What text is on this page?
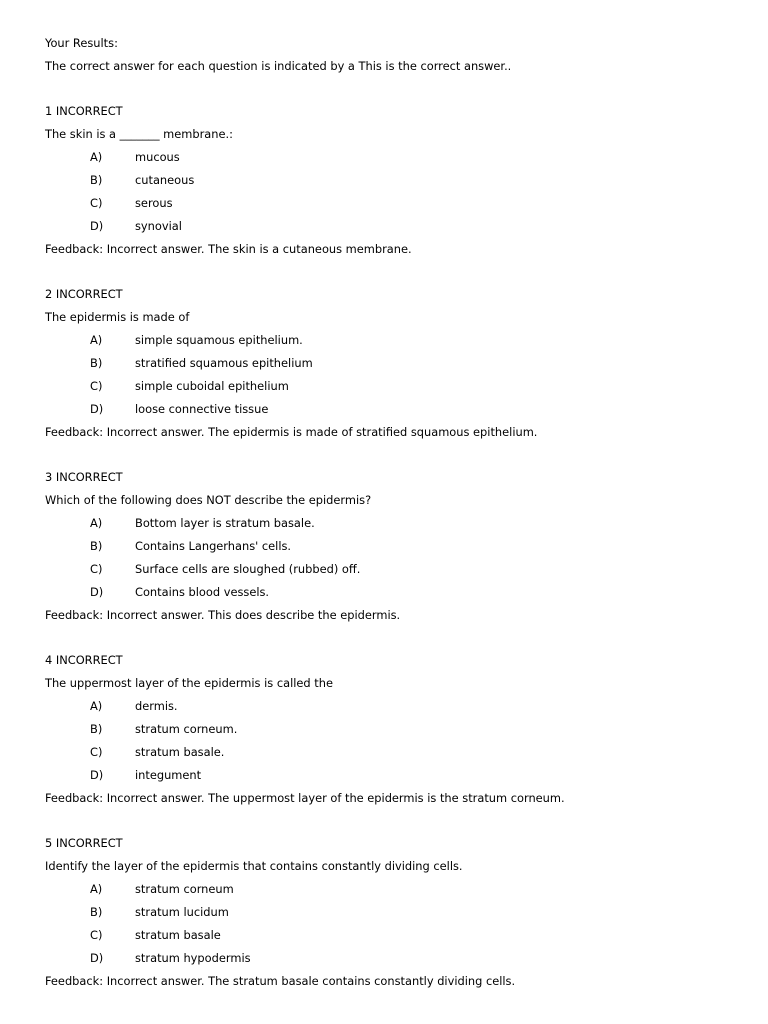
Your Results:
The correct answer for each question is indicated by a This is the correct answer..
1 INCORRECT
The skin is a _______ membrane.:
A)	mucous
B)	cutaneous
C)	serous
D)	synovial
Feedback: Incorrect answer. The skin is a cutaneous membrane.
2 INCORRECT
The epidermis is made of
A)	simple squamous epithelium.
B)	stratified squamous epithelium
C)	simple cuboidal epithelium
D)	loose connective tissue
Feedback: Incorrect answer. The epidermis is made of stratified squamous epithelium.
3 INCORRECT
Which of the following does NOT describe the epidermis?
A)	Bottom layer is stratum basale.
B)	Contains Langerhans' cells.
C)	Surface cells are sloughed (rubbed) off.
D)	Contains blood vessels.
Feedback: Incorrect answer. This does describe the epidermis.
4 INCORRECT
The uppermost layer of the epidermis is called the
A)	dermis.
B)	stratum corneum.
C)	stratum basale.
D)	integument
Feedback: Incorrect answer. The uppermost layer of the epidermis is the stratum corneum.
5 INCORRECT
Identify the layer of the epidermis that contains constantly dividing cells.
A)	stratum corneum
B)	stratum lucidum
C)	stratum basale
D)	stratum hypodermis
Feedback: Incorrect answer. The stratum basale contains constantly dividing cells.
